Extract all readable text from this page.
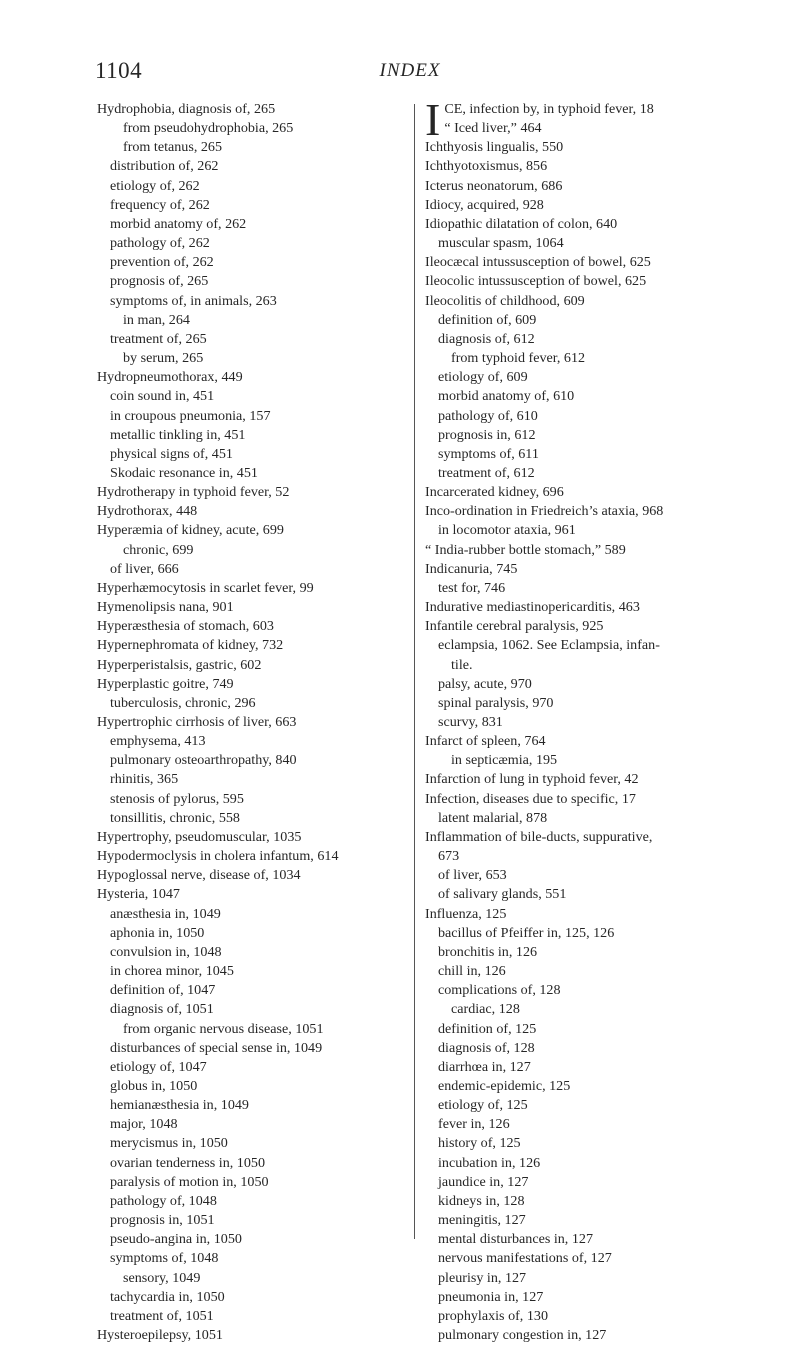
1104	INDEX
Hydrophobia, diagnosis of, 265
from pseudohydrophobia, 265
from tetanus, 265
distribution of, 262
etiology of, 262
frequency of, 262
morbid anatomy of, 262
pathology of, 262
prevention of, 262
prognosis of, 265
symptoms of, in animals, 263
in man, 264
treatment of, 265
by serum, 265
Hydropneumothorax, 449
coin sound in, 451
in croupous pneumonia, 157
metallic tinkling in, 451
physical signs of, 451
Skodaic resonance in, 451
Hydrotherapy in typhoid fever, 52
Hydrothorax, 448
Hyperæmia of kidney, acute, 699
chronic, 699
of liver, 666
Hyperhæmocytosis in scarlet fever, 99
Hymenolipsis nana, 901
Hyperæsthesia of stomach, 603
Hypernephromata of kidney, 732
Hyperperistalsis, gastric, 602
Hyperplastic goitre, 749
tuberculosis, chronic, 296
Hypertrophic cirrhosis of liver, 663
emphysema, 413
pulmonary osteoarthropathy, 840
rhinitis, 365
stenosis of pylorus, 595
tonsillitis, chronic, 558
Hypertrophy, pseudomuscular, 1035
Hypodermoclysis in cholera infantum, 614
Hypoglossal nerve, disease of, 1034
Hysteria, 1047
anæsthesia in, 1049
aphonia in, 1050
convulsion in, 1048
in chorea minor, 1045
definition of, 1047
diagnosis of, 1051
from organic nervous disease, 1051
disturbances of special sense in, 1049
etiology of, 1047
globus in, 1050
hemianæsthesia in, 1049
major, 1048
merycismus in, 1050
ovarian tenderness in, 1050
paralysis of motion in, 1050
pathology of, 1048
prognosis in, 1051
pseudo-angina in, 1050
symptoms of, 1048
sensory, 1049
tachycardia in, 1050
treatment of, 1051
Hysteroepilepsy, 1051
I CE, infection by, in typhoid fever, 18
“ Iced liver,” 464
Ichthyosis lingualis, 550
Ichthyotoxismus, 856
Icterus neonatorum, 686
Idiocy, acquired, 928
Idiopathic dilatation of colon, 640
muscular spasm, 1064
Ileocæcal intussusception of bowel, 625
Ileocolic intussusception of bowel, 625
Ileocolitis of childhood, 609
definition of, 609
diagnosis of, 612
from typhoid fever, 612
etiology of, 609
morbid anatomy of, 610
pathology of, 610
prognosis in, 612
symptoms of, 611
treatment of, 612
Incarcerated kidney, 696
Inco-ordination in Friedreich’s ataxia, 968
in locomotor ataxia, 961
“ India-rubber bottle stomach,” 589
Indicanuria, 745
test for, 746
Indurative mediastinopericarditis, 463
Infantile cerebral paralysis, 925
eclampsia, 1062. See Eclampsia, infan-
tile.
palsy, acute, 970
spinal paralysis, 970
scurvy, 831
Infarct of spleen, 764
in septicæmia, 195
Infarction of lung in typhoid fever, 42
Infection, diseases due to specific, 17
latent malarial, 878
Inflammation of bile-ducts, suppurative,
673
of liver, 653
of salivary glands, 551
Influenza, 125
bacillus of Pfeiffer in, 125, 126
bronchitis in, 126
chill in, 126
complications of, 128
cardiac, 128
definition of, 125
diagnosis of, 128
diarrhœa in, 127
endemic-epidemic, 125
etiology of, 125
fever in, 126
history of, 125
incubation in, 126
jaundice in, 127
kidneys in, 128
meningitis, 127
mental disturbances in, 127
nervous manifestations of, 127
pleurisy in, 127
pneumonia in, 127
prophylaxis of, 130
pulmonary congestion in, 127
